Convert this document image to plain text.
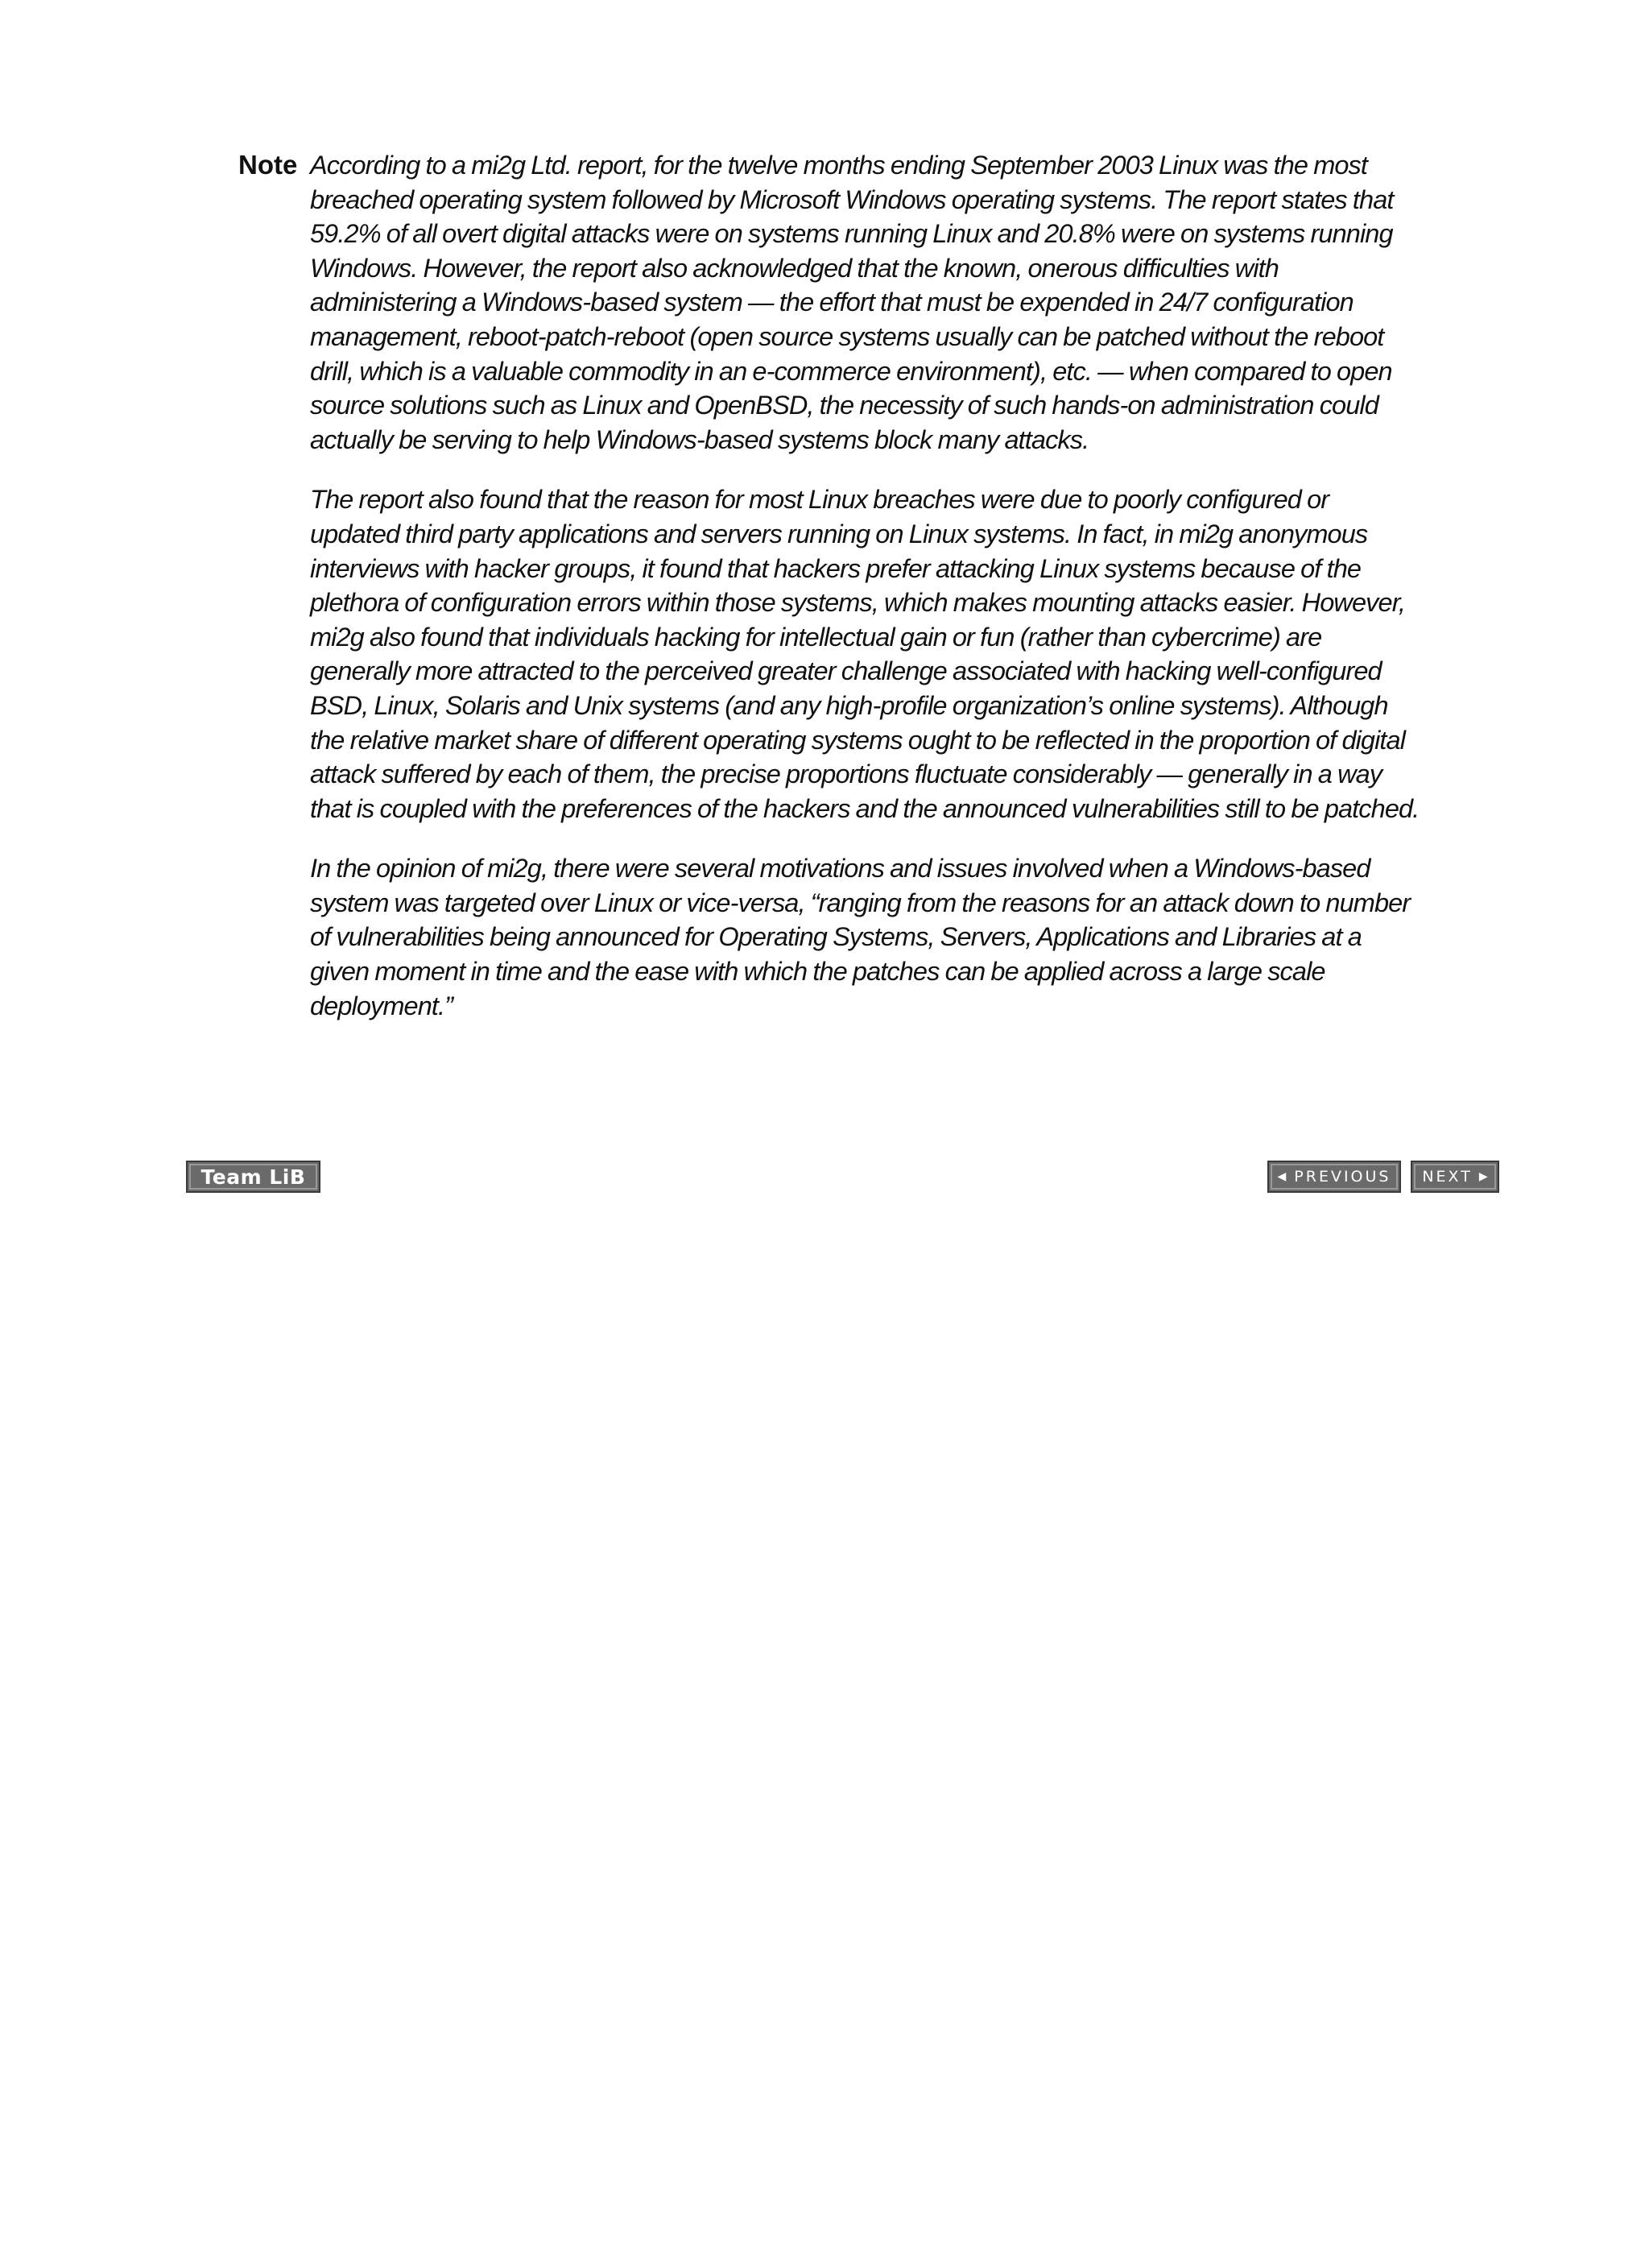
Note According to a mi2g Ltd. report, for the twelve months ending September 2003 Linux was the most breached operating system followed by Microsoft Windows operating systems. The report states that 59.2% of all overt digital attacks were on systems running Linux and 20.8% were on systems running Windows. However, the report also acknowledged that the known, onerous difficulties with administering a Windows-based system — the effort that must be expended in 24/7 configuration management, reboot-patch-reboot (open source systems usually can be patched without the reboot drill, which is a valuable commodity in an e-commerce environment), etc. — when compared to open source solutions such as Linux and OpenBSD, the necessity of such hands-on administration could actually be serving to help Windows-based systems block many attacks.

The report also found that the reason for most Linux breaches were due to poorly configured or updated third party applications and servers running on Linux systems. In fact, in mi2g anonymous interviews with hacker groups, it found that hackers prefer attacking Linux systems because of the plethora of configuration errors within those systems, which makes mounting attacks easier. However, mi2g also found that individuals hacking for intellectual gain or fun (rather than cybercrime) are generally more attracted to the perceived greater challenge associated with hacking well-configured BSD, Linux, Solaris and Unix systems (and any high-profile organization’s online systems). Although the relative market share of different operating systems ought to be reflected in the proportion of digital attack suffered by each of them, the precise proportions fluctuate considerably — generally in a way that is coupled with the preferences of the hackers and the announced vulnerabilities still to be patched.

In the opinion of mi2g, there were several motivations and issues involved when a Windows-based system was targeted over Linux or vice-versa, “ranging from the reasons for an attack down to number of vulnerabilities being announced for Operating Systems, Servers, Applications and Libraries at a given moment in time and the ease with which the patches can be applied across a large scale deployment.”

Team LiB	◀ PREVIOUS NEXT ▶
